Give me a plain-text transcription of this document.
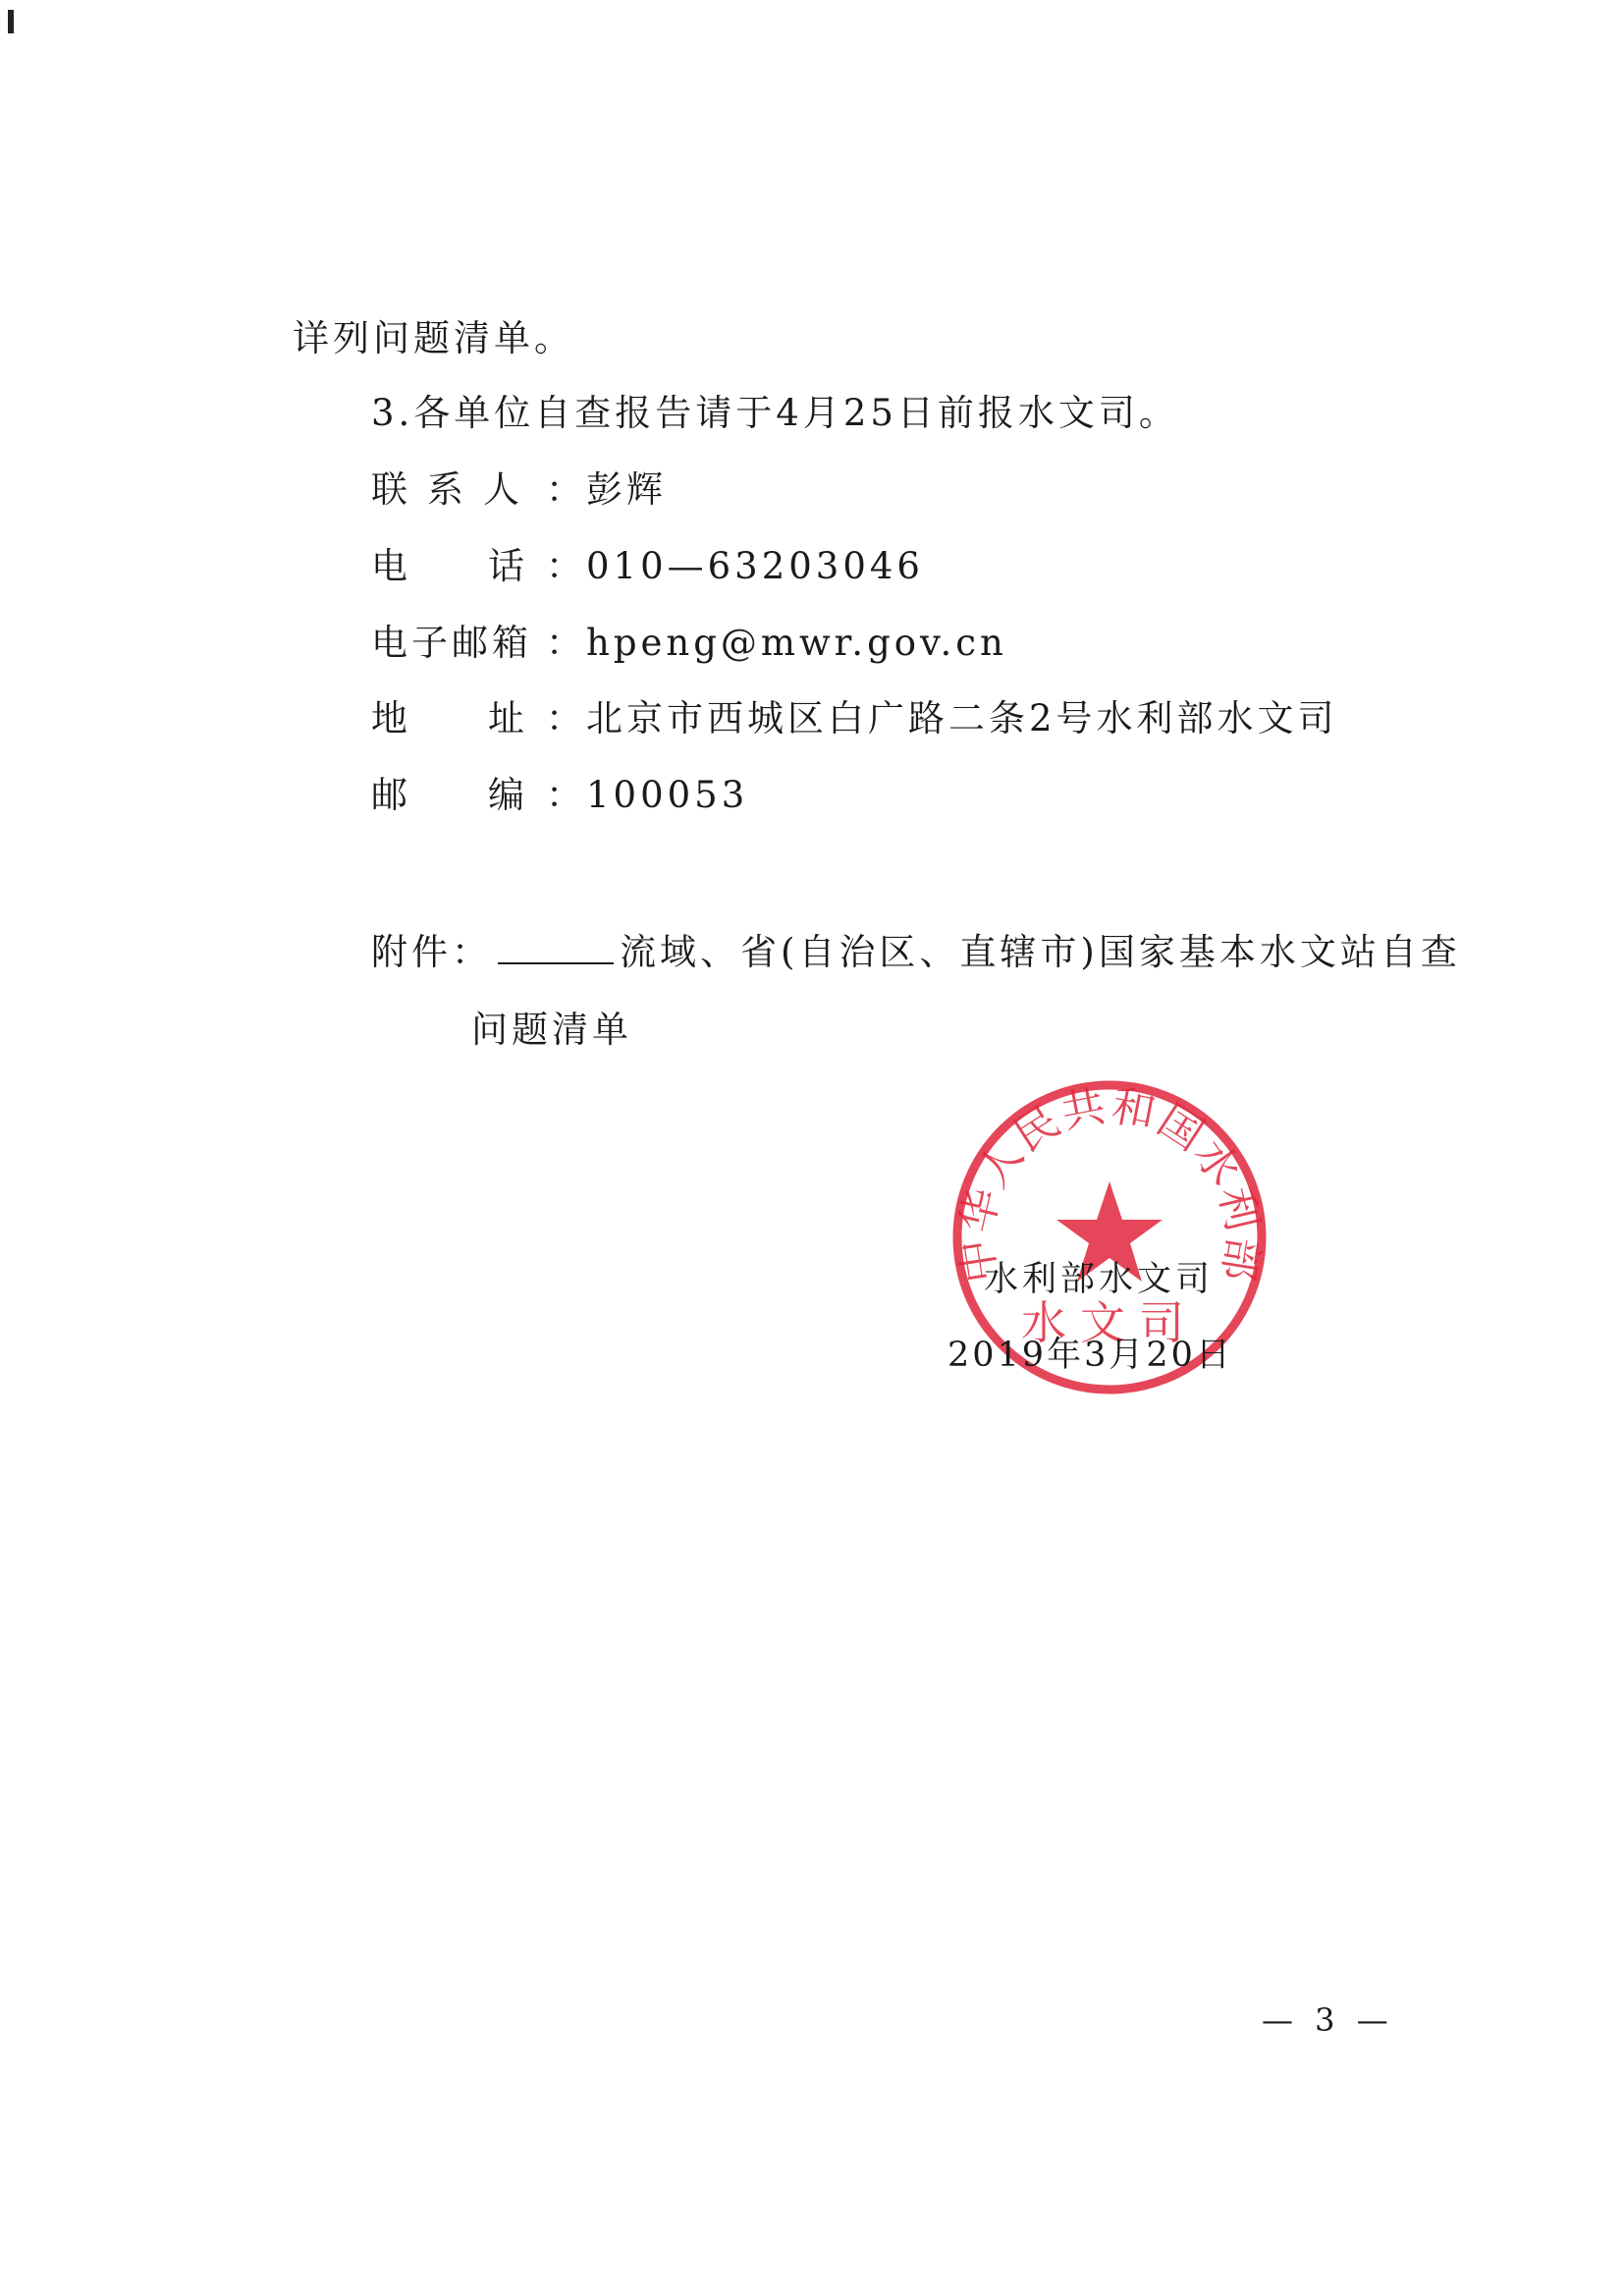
详列问题清单。
3.各单位自查报告请于4月25日前报水文司。
联系人 ：彭辉
电话：010—63203046
电子邮箱 ：hpeng@mwr.gov.cn
地址：北京市西城区白广路二条2号水利部水文司
邮编：100053
附件：	流域、省(自治区、直辖市)国家基本水文站自查
问题清单
中华人民共和国水利部
水文司
水利部水文司
2019年3月20日
— 3 —
